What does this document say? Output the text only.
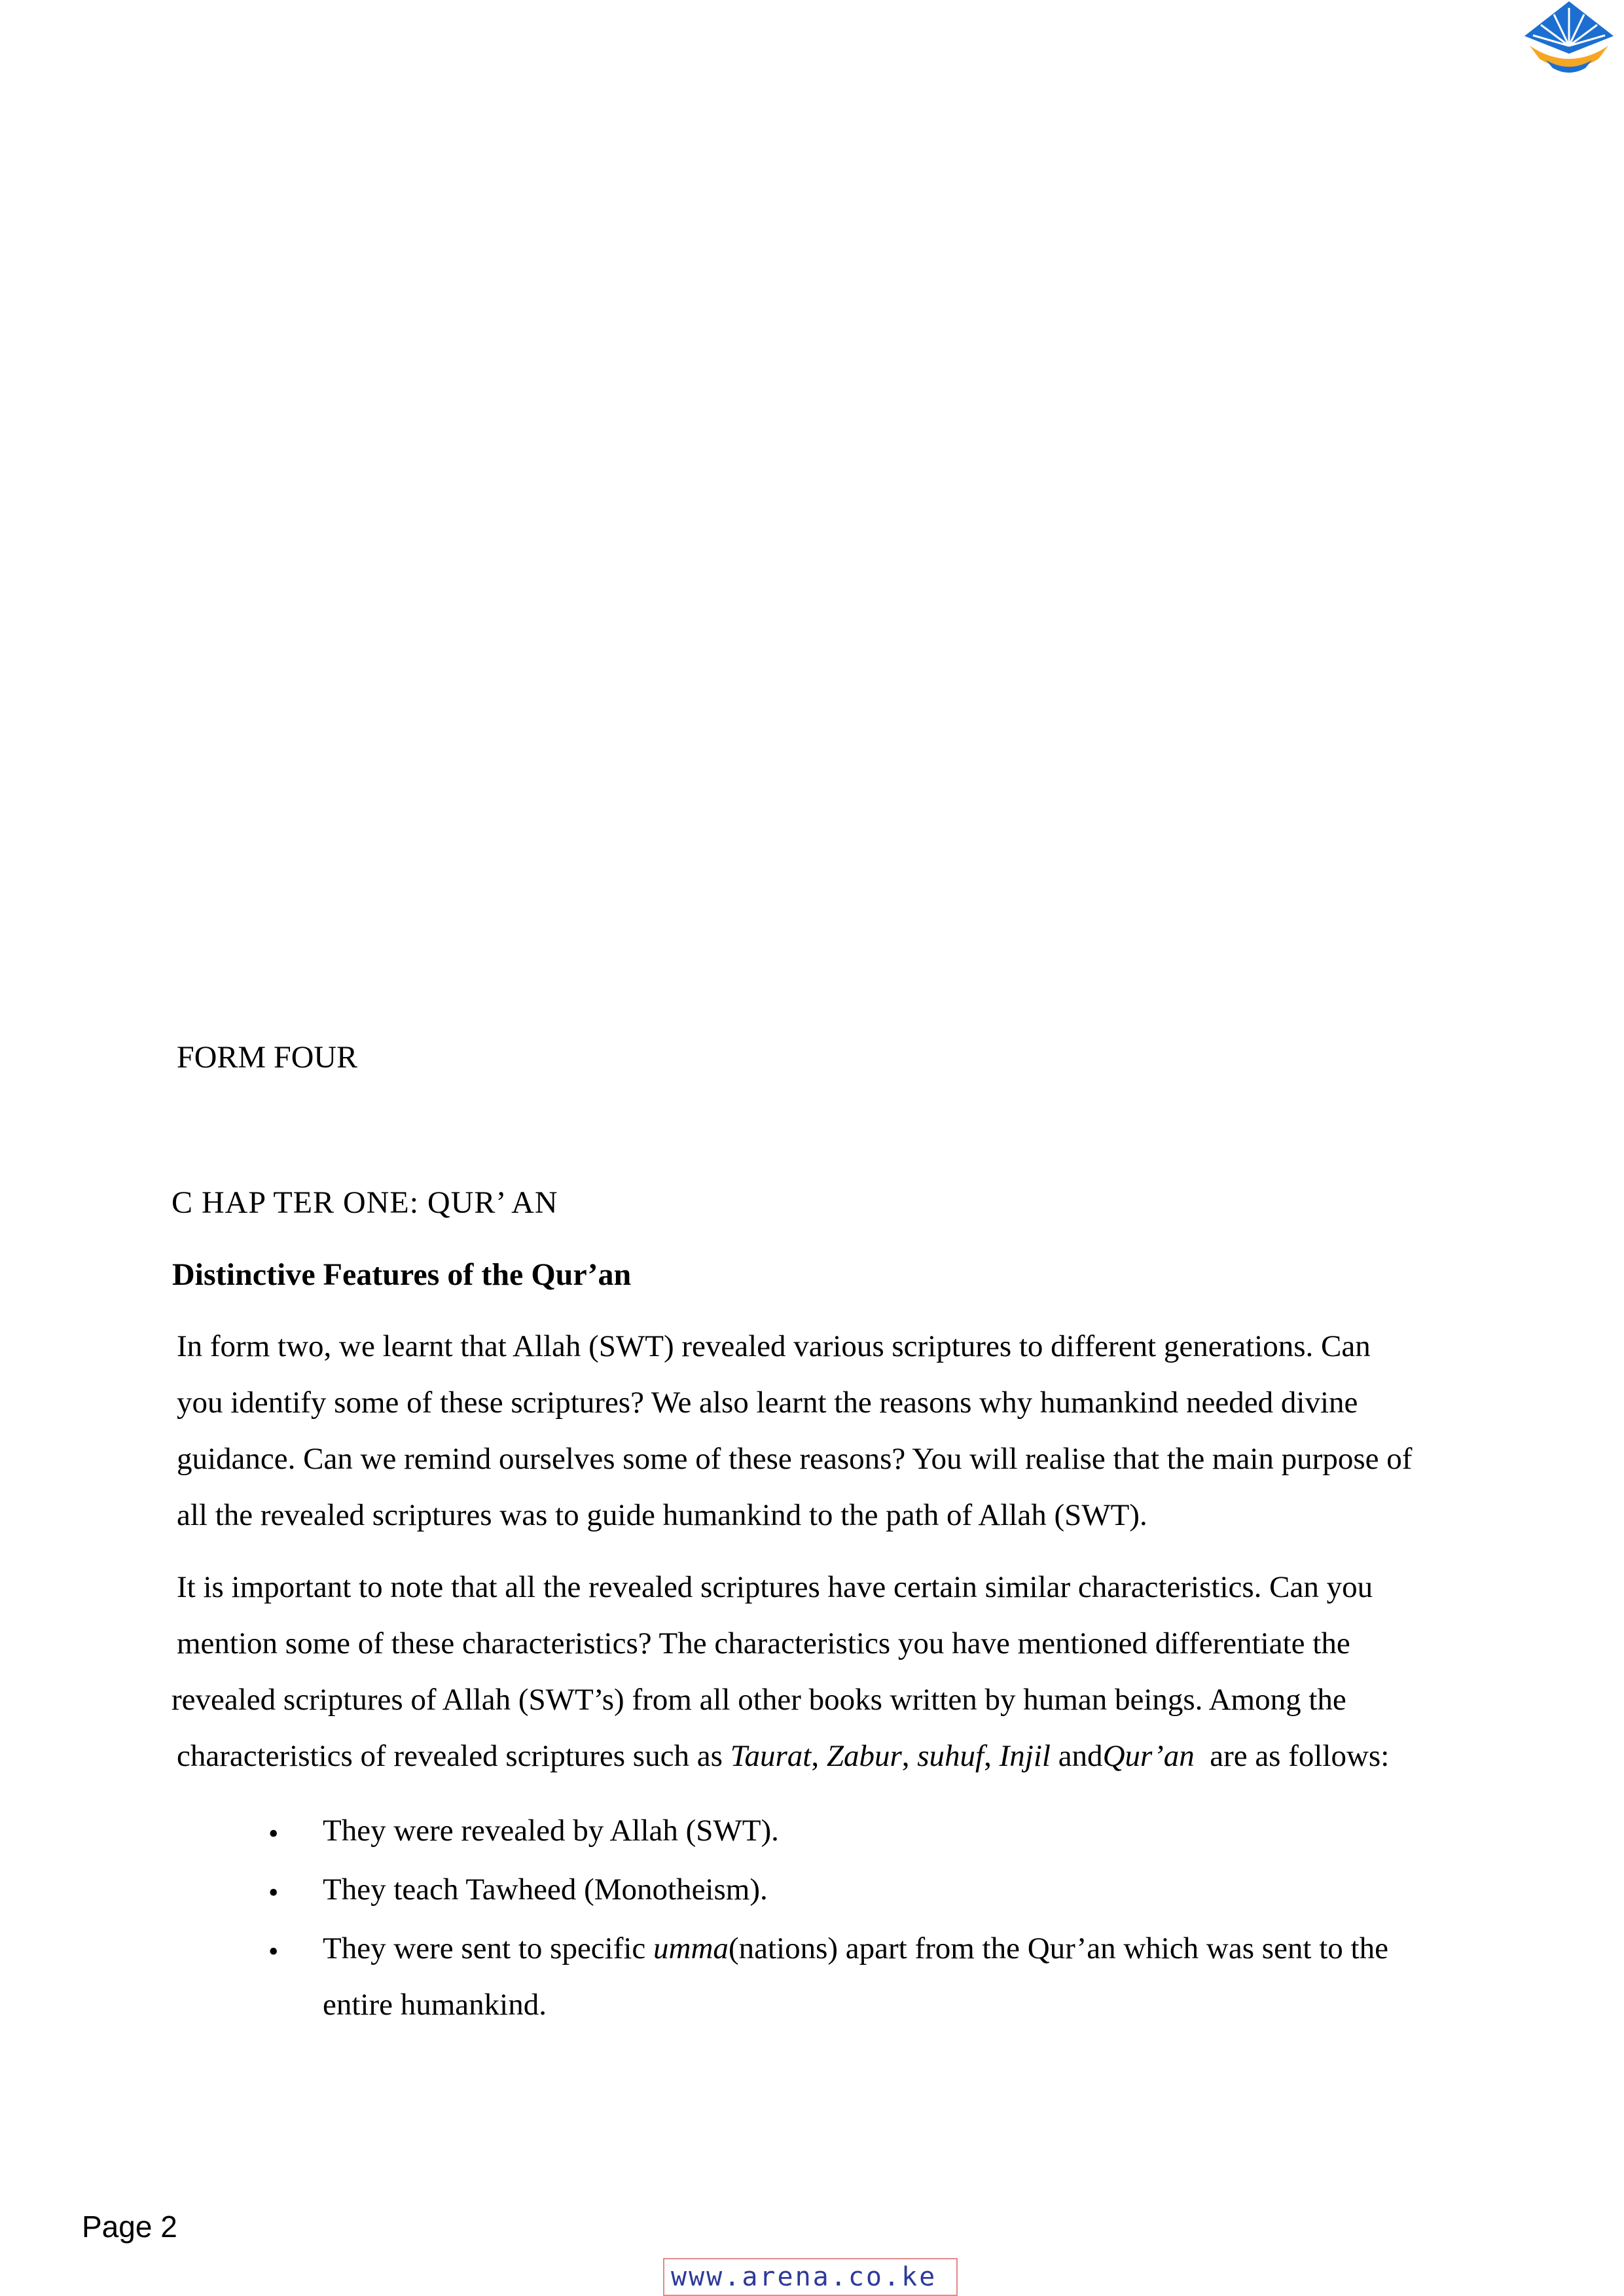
FORM FOUR
C HAP TER ONE: QUR’ AN
Distinctive Features of the Qur’an
In form two, we learnt that Allah (SWT) revealed various scriptures to different generations. Can
you identify some of these scriptures? We also learnt the reasons why humankind needed divine
guidance. Can we remind ourselves some of these reasons? You will realise that the main purpose of
all the revealed scriptures was to guide humankind to the path of Allah (SWT).
It is important to note that all the revealed scriptures have certain similar characteristics. Can you
mention some of these characteristics? The characteristics you have mentioned differentiate the
revealed scriptures of Allah (SWT’s) from all other books written by human beings. Among the
characteristics of revealed scriptures such as Taurat, Zabur, suhuf, Injil andQur’an  are as follows:
• They were revealed by Allah (SWT).
• They teach Tawheed (Monotheism).
• They were sent to specific umma(nations) apart from the Qur’an which was sent to the
entire humankind.
Page 2
www.arena.co.ke
